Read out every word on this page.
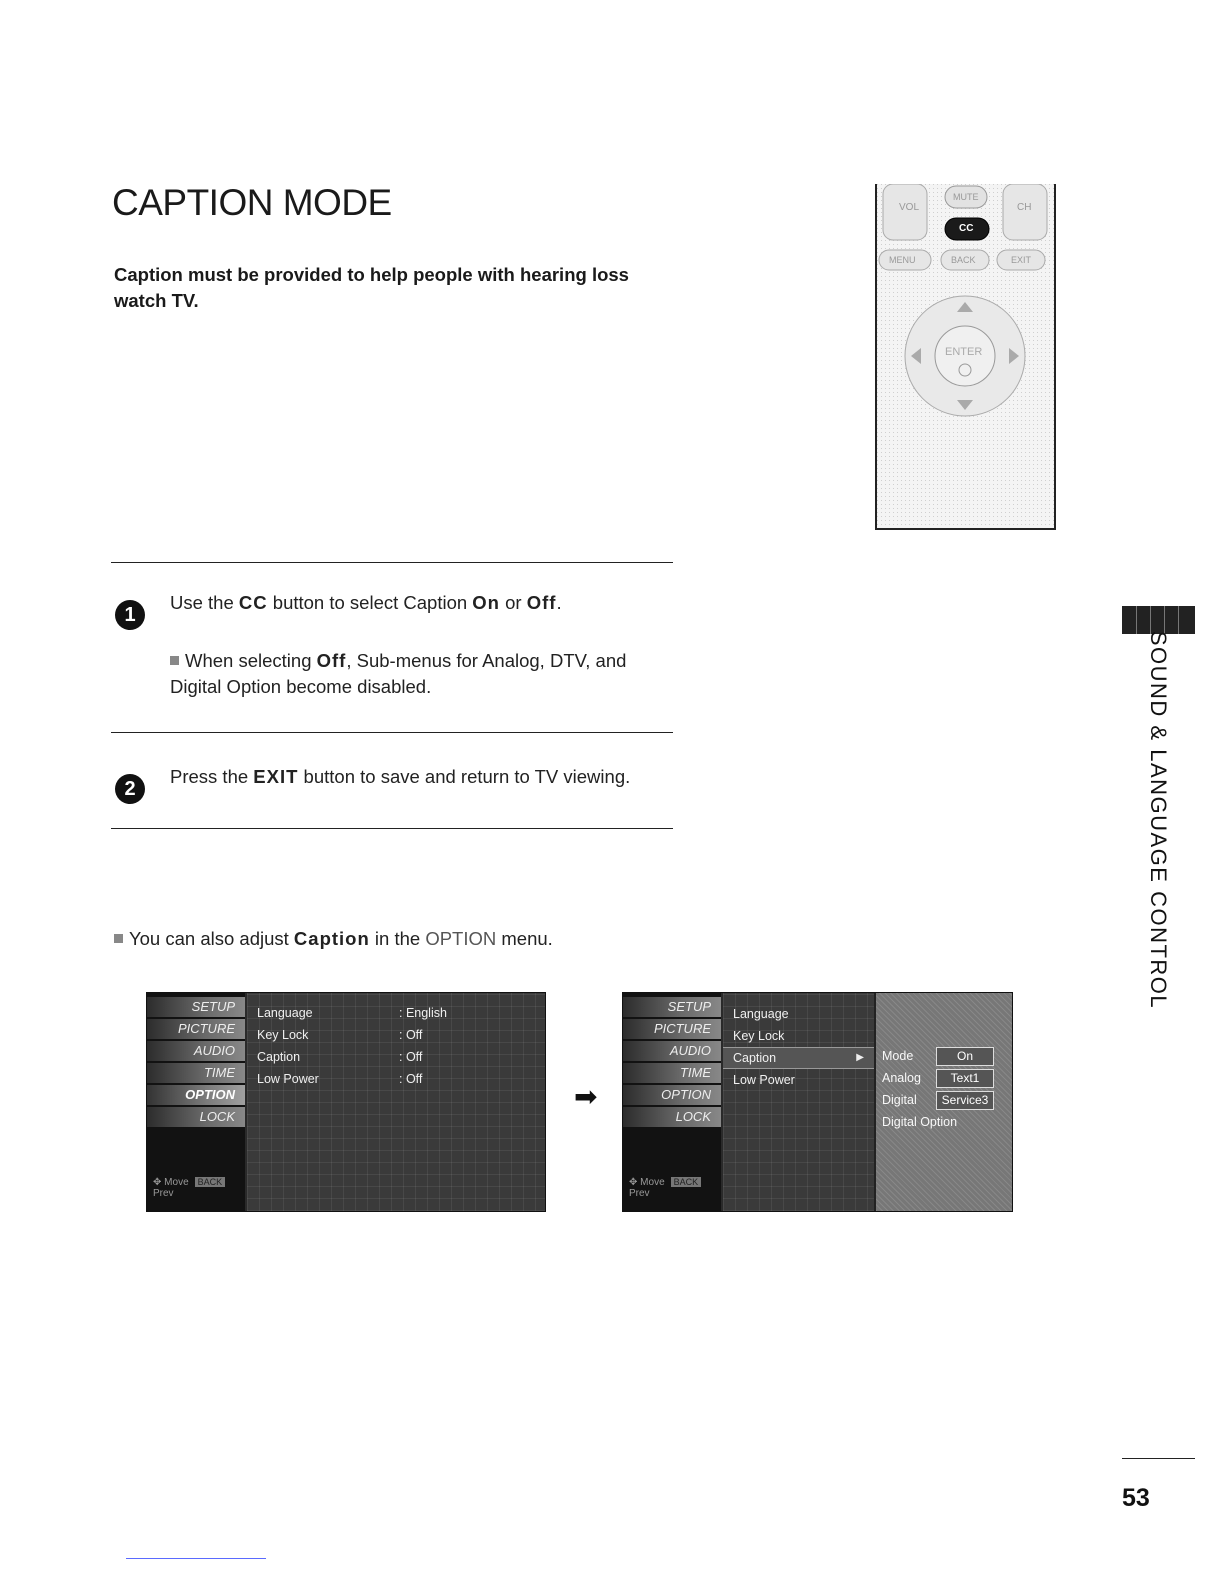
CAPTION MODE
Caption must be provided to help people with hearing loss watch TV.
VOL
MUTE
CH
CC
MENU	BACK	EXIT
ENTER
1
Use the CC button to select Caption On or Off.
When selecting Off, Sub-menus for Analog, DTV, and Digital Option become disabled.
2
Press the EXIT button to save and return to TV viewing.
You can also adjust Caption in the OPTION menu.	SOUND & LANGUAGE CONTROL
SETUP
PICTURE
AUDIO
TIME
OPTION
LOCK
✥ Move BACK Prev
Language	: English
Key Lock	: Off
Caption	: Off
Low Power	: Off
➡
SETUP
PICTURE
AUDIO
TIME
OPTION
LOCK
✥ Move BACK Prev
Language
Key Lock
Caption	▶
Low Power
Mode	On
Analog	Text1
Digital	Service3
Digital Option
53
